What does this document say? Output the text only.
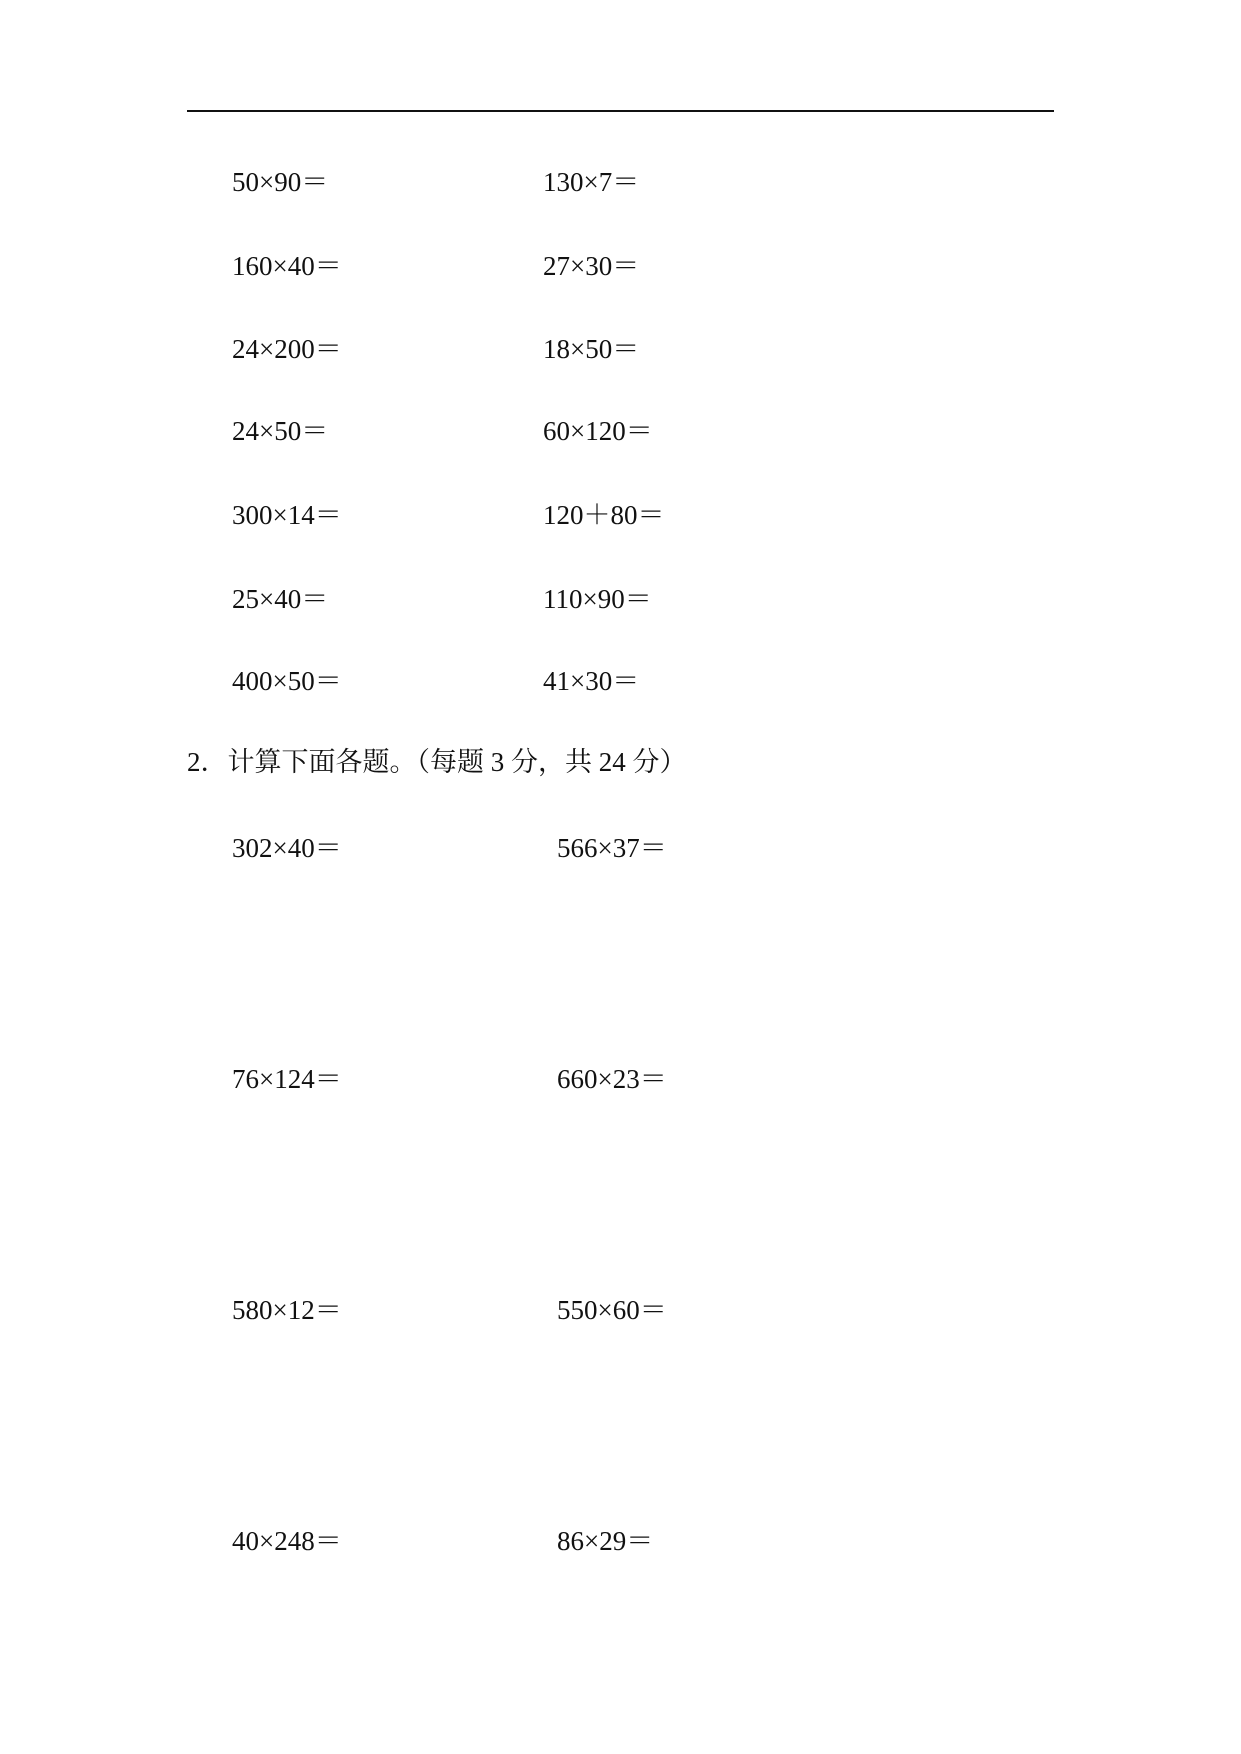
50×90＝	130×7＝
160×40＝	27×30＝
24×200＝	18×50＝
24×50＝	60×120＝
300×14＝	120＋80＝
25×40＝	110×90＝
400×50＝	41×30＝
2．计算下面各题。（每题 3 分，共 24 分）
302×40＝	566×37＝
76×124＝	660×23＝
580×12＝	550×60＝
40×248＝	86×29＝
